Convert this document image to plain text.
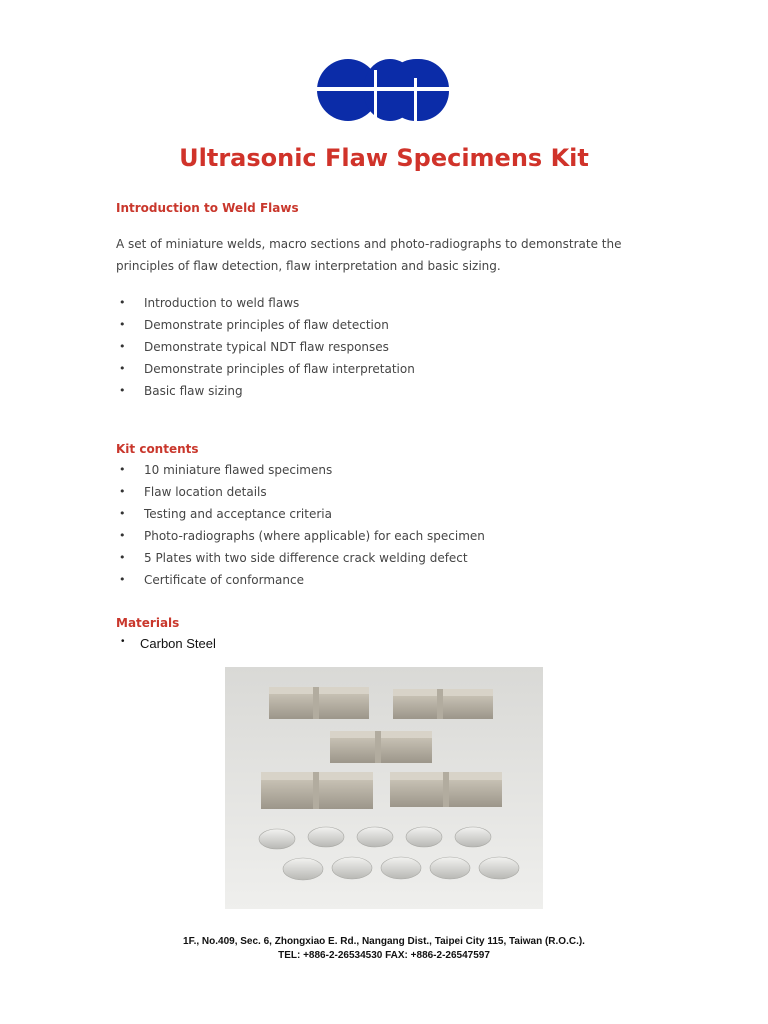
Ultrasonic Flaw Specimens Kit
Introduction to Weld Flaws
A set of miniature welds, macro sections and photo-radiographs to demonstrate the
principles of flaw detection, flaw interpretation and basic sizing.
• Introduction to weld flaws
• Demonstrate principles of flaw detection
• Demonstrate typical NDT flaw responses
• Demonstrate principles of flaw interpretation
• Basic flaw sizing
Kit contents
• 10 miniature flawed specimens
• Flaw location details
• Testing and acceptance criteria
• Photo-radiographs (where applicable) for each specimen
• 5 Plates with two side difference crack welding defect
• Certificate of conformance
Materials
• Carbon Steel
1F., No.409, Sec. 6, Zhongxiao E. Rd., Nangang Dist., Taipei City 115, Taiwan (R.O.C.).
TEL: +886-2-26534530 FAX: +886-2-26547597
